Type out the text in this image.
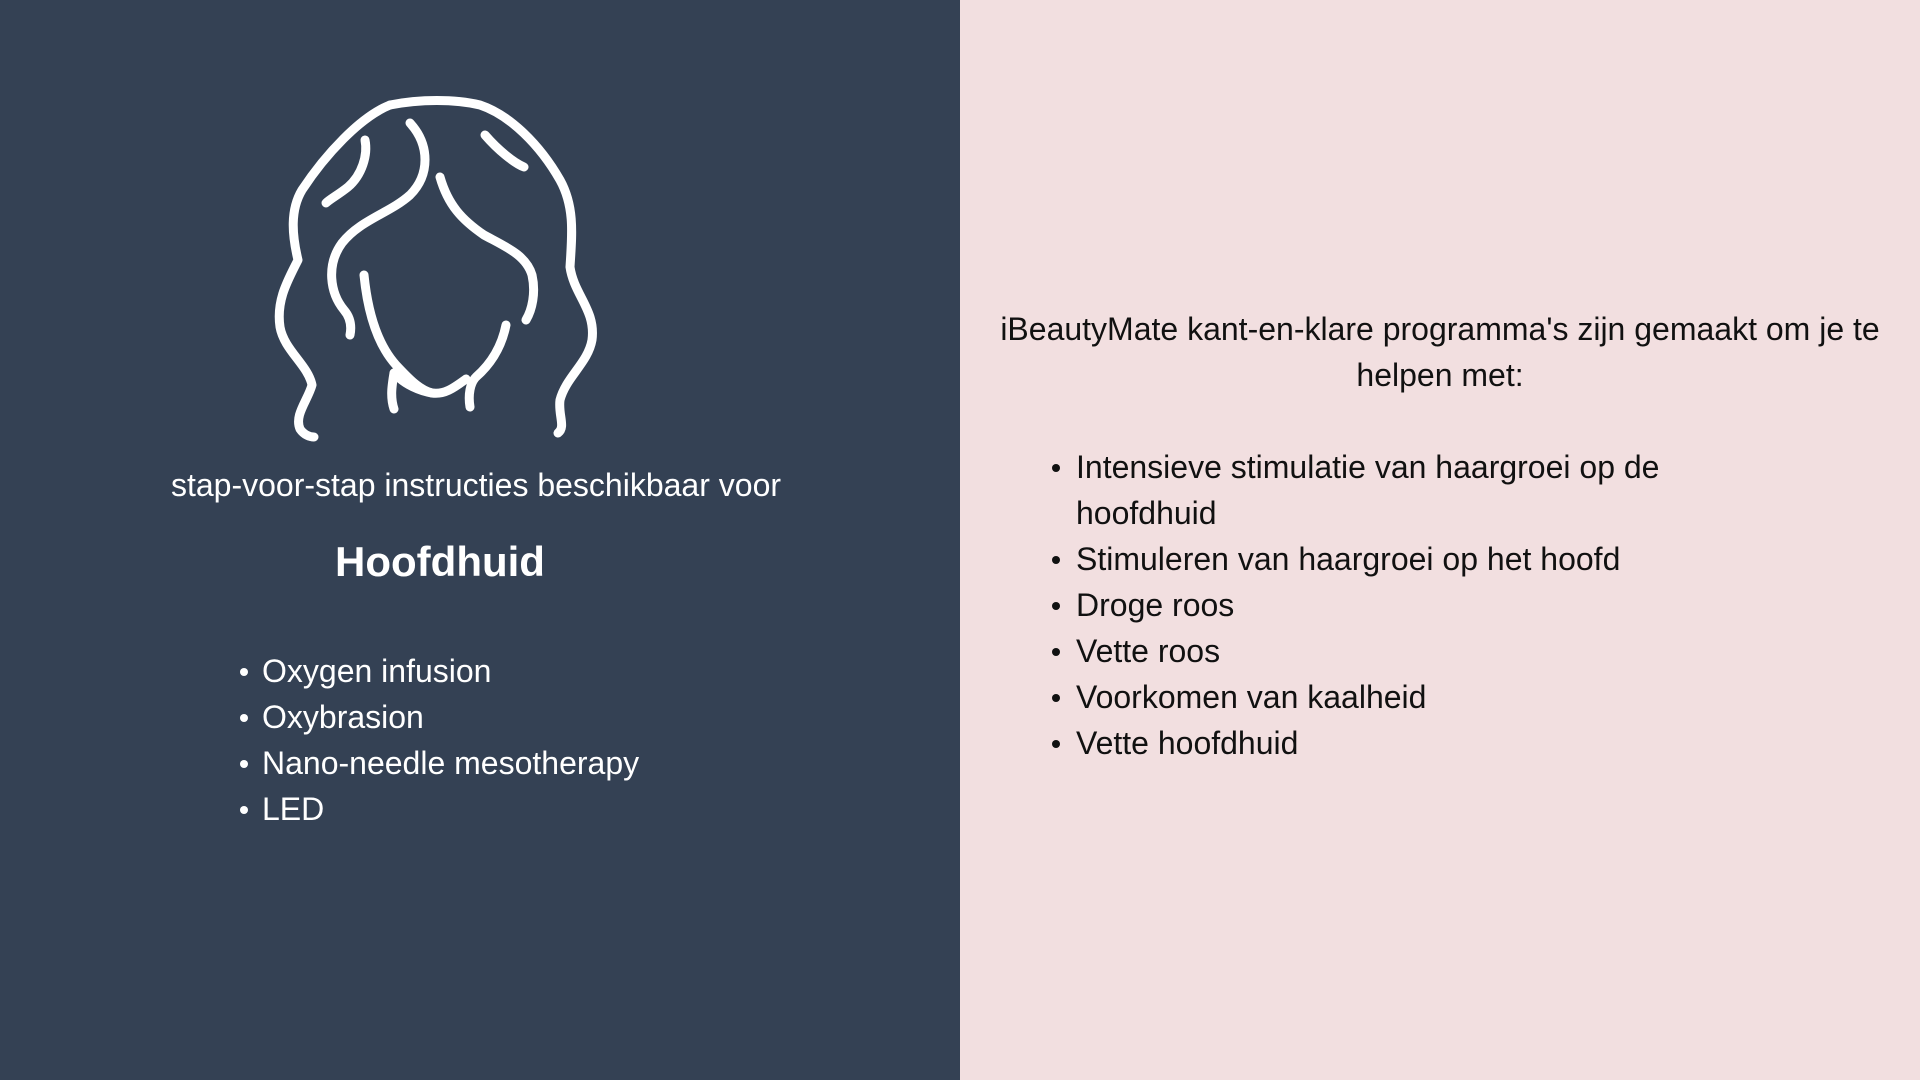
stap-voor-stap instructies beschikbaar voor
Hoofdhuid
Oxygen infusion
Oxybrasion
Nano-needle mesotherapy
LED

iBeautyMate kant-en-klare programma's zijn gemaakt om je te helpen met:

Intensieve stimulatie van haargroei op de hoofdhuid
Stimuleren van haargroei op het hoofd
Droge roos
Vette roos
Voorkomen van kaalheid
Vette hoofdhuid
